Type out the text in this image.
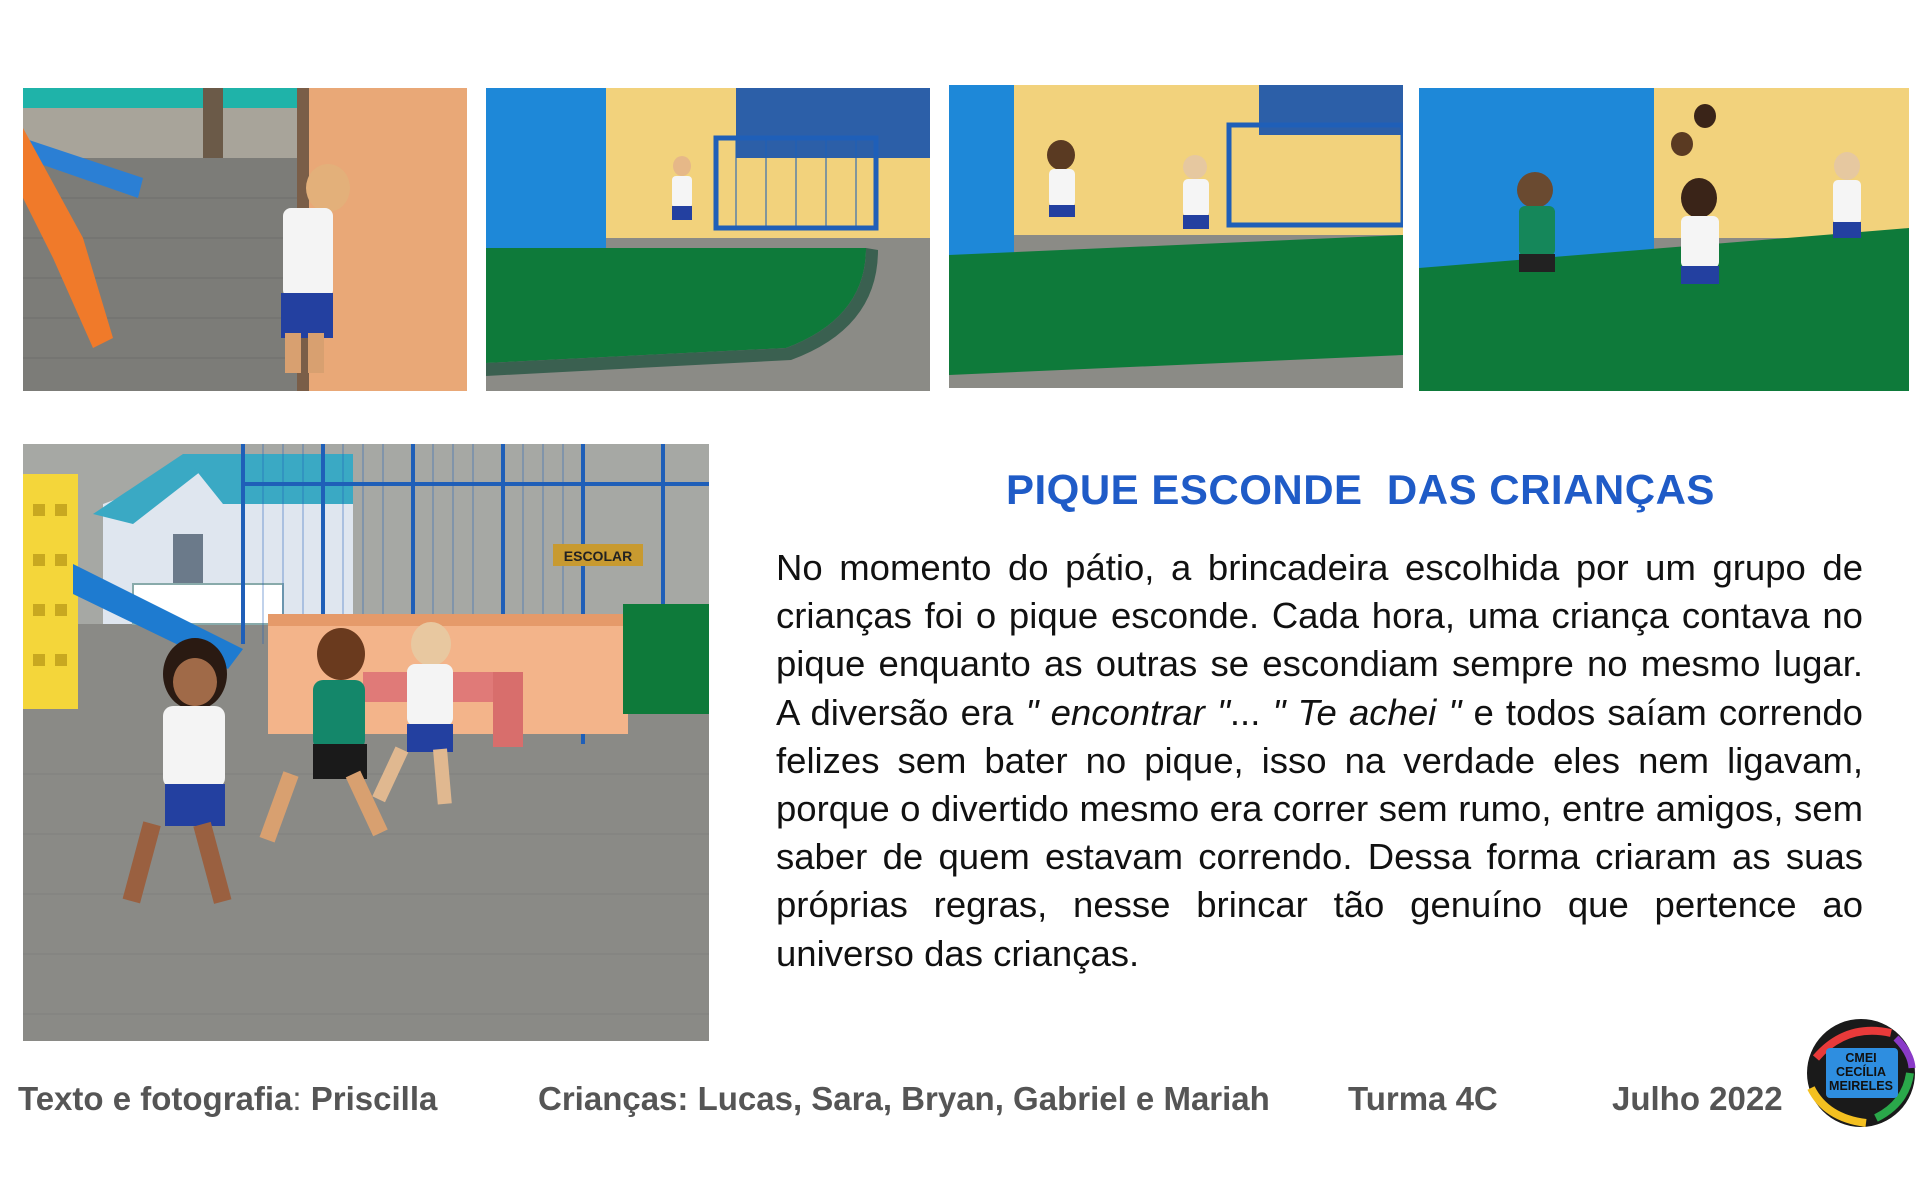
ESCOLAR
PIQUE ESCONDE  DAS CRIANÇAS
No momento do pátio, a brincadeira escolhida por um grupo de crianças foi o pique esconde. Cada hora, uma criança contava no pique enquanto as outras se escondiam sempre no mesmo lugar. A diversão era " encontrar "... " Te achei " e todos saíam correndo felizes sem bater no pique, isso na verdade eles nem ligavam, porque o divertido mesmo era correr sem rumo, entre amigos, sem saber de quem estavam correndo. Dessa forma criaram as suas próprias regras, nesse brincar tão genuíno que pertence ao universo das crianças.
Texto e fotografia: Priscilla	Crianças: Lucas, Sara, Bryan, Gabriel e Mariah Turma 4C	Julho 2022
CMEI
CECÍLIA
MEIRELES
